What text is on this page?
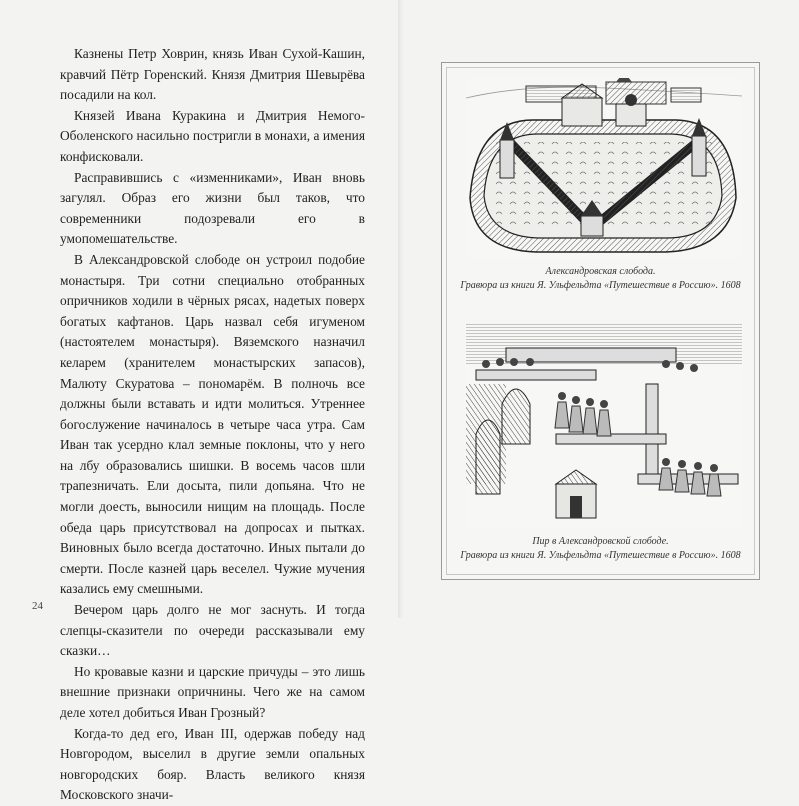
Казнены Петр Ховрин, князь Иван Сухой-Кашин, кравчий Пётр Горенский. Князя Дмитрия Шевырёва посадили на кол.

Князей Ивана Куракина и Дмитрия Немого-Оболенского насильно постригли в монахи, а имения конфисковали.

Расправившись с «изменниками», Иван вновь загулял. Образ его жизни был таков, что современники подозревали его в умопомешательстве.

В Александровской слободе он устроил подобие монастыря. Три сотни специально отобранных опричников ходили в чёрных рясах, надетых поверх богатых кафтанов. Царь назвал себя игуменом (настоятелем монастыря). Вяземского назначил келарем (хранителем монастырских запасов), Малюту Скуратова – пономарём. В полночь все должны были вставать и идти молиться. Утреннее богослужение начиналось в четыре часа утра. Сам Иван так усердно клал земные поклоны, что у него на лбу образовались шишки. В восемь часов шли трапезничать. Ели досыта, пили допьяна. Что не могли доесть, выносили нищим на площадь. После обеда царь присутствовал на допросах и пытках. Виновных было всегда достаточно. Иных пытали до смерти. После казней царь веселел. Чужие мучения казались ему смешными.

Вечером царь долго не мог заснуть. И тогда слепцы-сказители по очереди рассказывали ему сказки…

Но кровавые казни и царские причуды – это лишь внешние признаки опричнины. Чего же на самом деле хотел добиться Иван Грозный?

Когда-то дед его, Иван III, одержав победу над Новгородом, выселил в другие земли опальных новгородских бояр. Власть великого князя Московского значи-

24
Александровская слобода.
Гравюра из книги Я. Ульфельдта «Путешествие в Россию». 1608
Пир в Александровской слободе.
Гравюра из книги Я. Ульфельдта «Путешествие в Россию». 1608
